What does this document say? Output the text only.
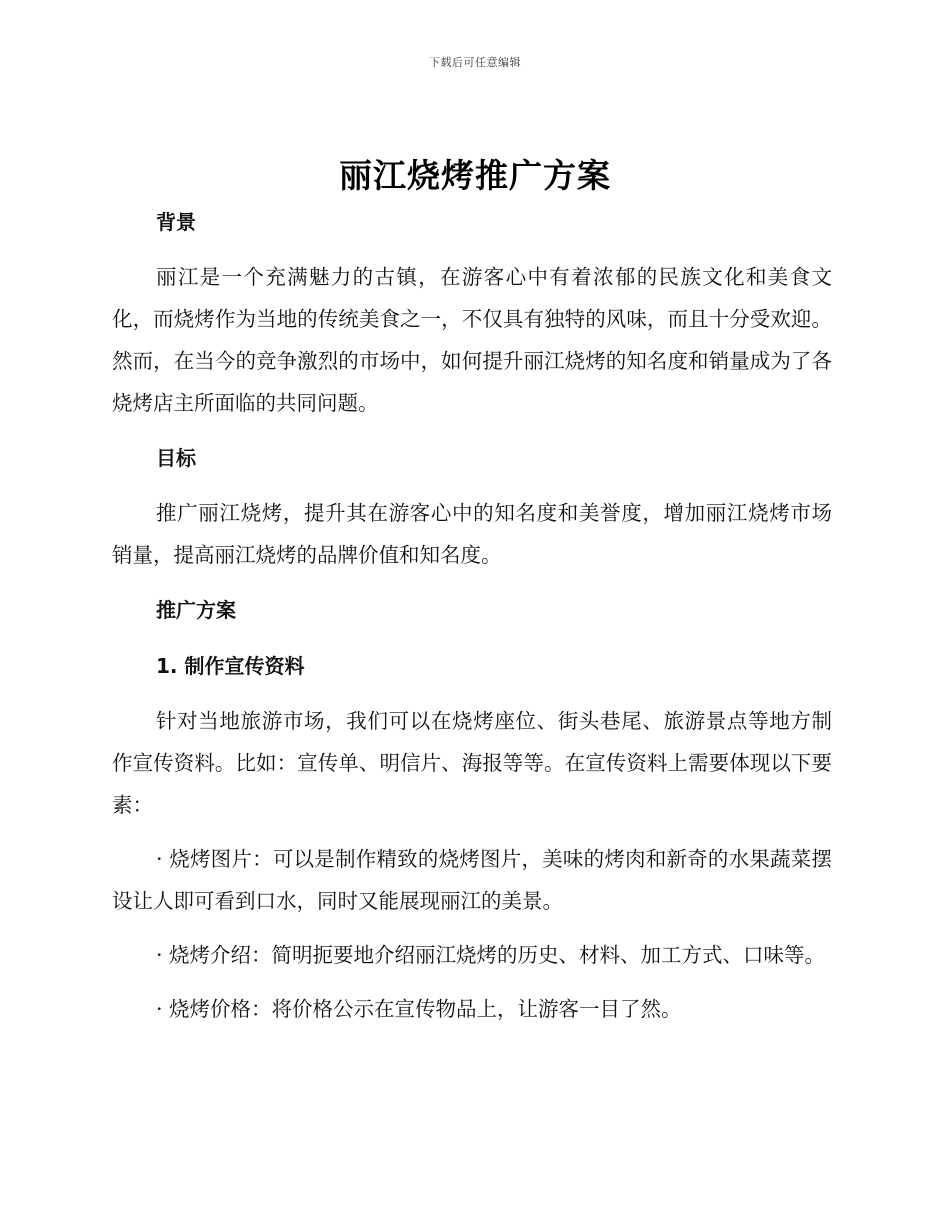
下载后可任意编辑
丽江烧烤推广方案
背景
丽江是一个充满魅力的古镇，在游客心中有着浓郁的民族文化和美食文化，而烧烤作为当地的传统美食之一，不仅具有独特的风味，而且十分受欢迎。然而，在当今的竞争激烈的市场中，如何提升丽江烧烤的知名度和销量成为了各烧烤店主所面临的共同问题。
目标
推广丽江烧烤，提升其在游客心中的知名度和美誉度，增加丽江烧烤市场销量，提高丽江烧烤的品牌价值和知名度。
推广方案
1. 制作宣传资料
针对当地旅游市场，我们可以在烧烤座位、街头巷尾、旅游景点等地方制作宣传资料。比如：宣传单、明信片、海报等等。在宣传资料上需要体现以下要素：
· 烧烤图片：可以是制作精致的烧烤图片，美味的烤肉和新奇的水果蔬菜摆设让人即可看到口水，同时又能展现丽江的美景。
· 烧烤介绍：简明扼要地介绍丽江烧烤的历史、材料、加工方式、口味等。
· 烧烤价格：将价格公示在宣传物品上，让游客一目了然。
